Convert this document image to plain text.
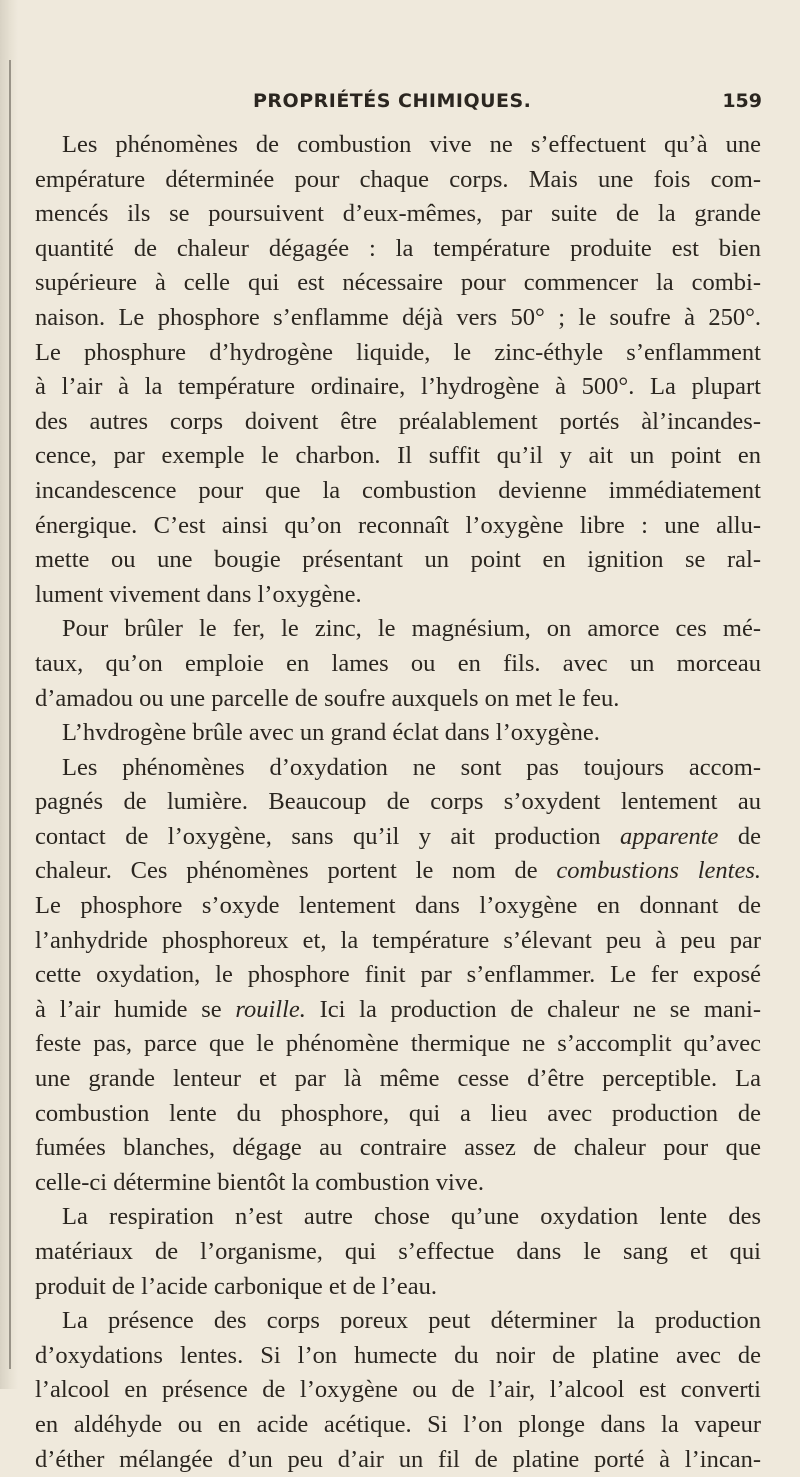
PROPRIÉTÉS CHIMIQUES.	159
Les phénomènes de combustion vive ne s’effectuent qu’à une
empérature déterminée pour chaque corps. Mais une fois com-
mencés ils se poursuivent d’eux-mêmes, par suite de la grande
quantité de chaleur dégagée : la température produite est bien
supérieure à celle qui est nécessaire pour commencer la combi-
naison. Le phosphore s’enflamme déjà vers 50° ; le soufre à 250°.
Le phosphure d’hydrogène liquide, le zinc-éthyle s’enflamment
à l’air à la température ordinaire, l’hydrogène à 500°. La plupart
des autres corps doivent être préalablement portés àl’incandes-
cence, par exemple le charbon. Il suffit qu’il y ait un point en
incandescence pour que la combustion devienne immédiatement
énergique. C’est ainsi qu’on reconnaît l’oxygène libre : une allu-
mette ou une bougie présentant un point en ignition se ral-
lument vivement dans l’oxygène.
Pour brûler le fer, le zinc, le magnésium, on amorce ces mé-
taux, qu’on emploie en lames ou en fils. avec un morceau
d’amadou ou une parcelle de soufre auxquels on met le feu.
L’hvdrogène brûle avec un grand éclat dans l’oxygène.
Les phénomènes d’oxydation ne sont pas toujours accom-
pagnés de lumière. Beaucoup de corps s’oxydent lentement au
contact de l’oxygène, sans qu’il y ait production apparente de
chaleur. Ces phénomènes portent le nom de combustions lentes.
Le phosphore s’oxyde lentement dans l’oxygène en donnant de
l’anhydride phosphoreux et, la température s’élevant peu à peu par
cette oxydation, le phosphore finit par s’enflammer. Le fer exposé
à l’air humide se rouille. Ici la production de chaleur ne se mani-
feste pas, parce que le phénomène thermique ne s’accomplit qu’avec
une grande lenteur et par là même cesse d’être perceptible. La
combustion lente du phosphore, qui a lieu avec production de
fumées blanches, dégage au contraire assez de chaleur pour que
celle-ci détermine bientôt la combustion vive.
La respiration n’est autre chose qu’une oxydation lente des
matériaux de l’organisme, qui s’effectue dans le sang et qui
produit de l’acide carbonique et de l’eau.
La présence des corps poreux peut déterminer la production
d’oxydations lentes. Si l’on humecte du noir de platine avec de
l’alcool en présence de l’oxygène ou de l’air, l’alcool est converti
en aldéhyde ou en acide acétique. Si l’on plonge dans la vapeur
d’éther mélangée d’un peu d’air un fil de platine porté à l’incan-
